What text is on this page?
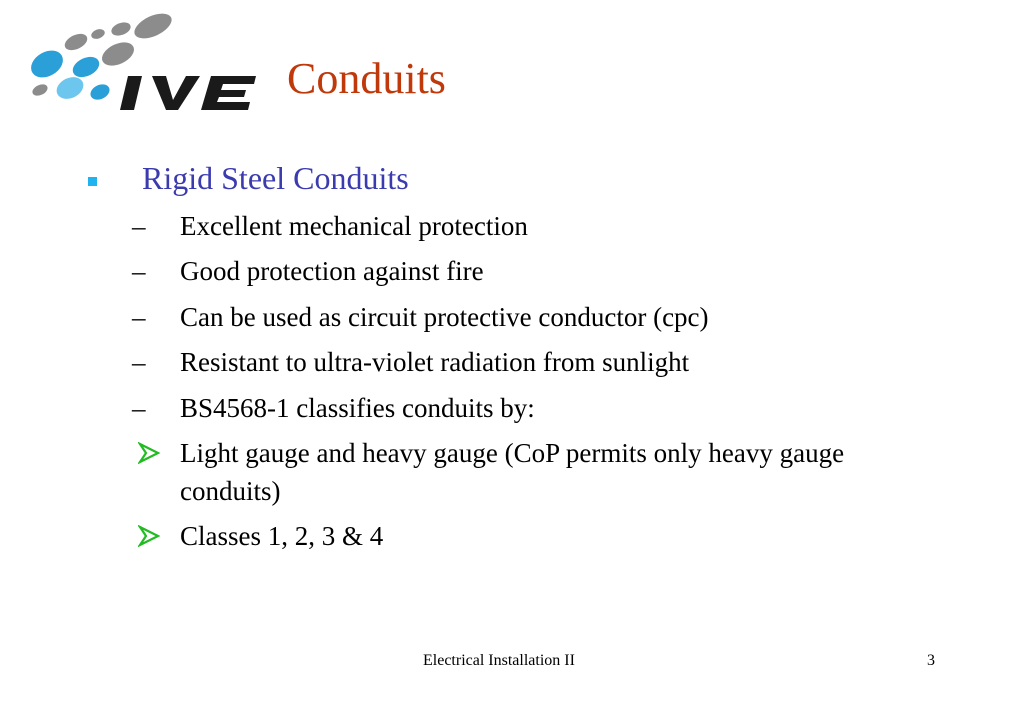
Conduits
Rigid Steel Conduits
–	Excellent mechanical protection
–	Good protection against fire
–	Can be used as circuit protective conductor (cpc)
–	Resistant to ultra-violet radiation from sunlight
–	BS4568-1 classifies conduits by:
Light gauge and heavy gauge (CoP permits only heavy gauge conduits)
Classes 1, 2, 3 & 4
Electrical Installation II	3
